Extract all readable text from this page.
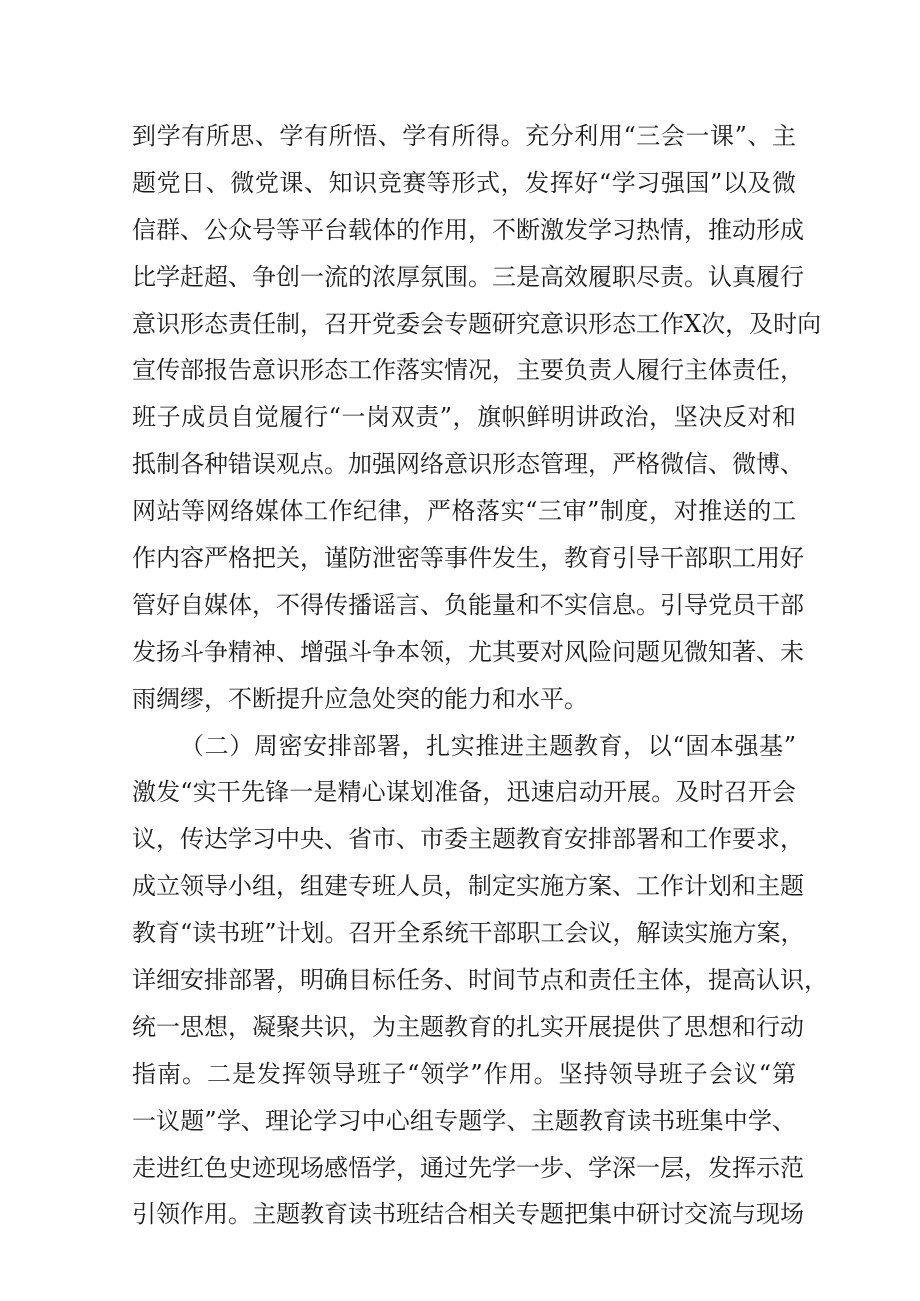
到学有所思、学有所悟、学有所得。充分利用“三会一课”、主
题党日、微党课、知识竞赛等形式，发挥好“学习强国”以及微
信群、公众号等平台载体的作用，不断激发学习热情，推动形成
比学赶超、争创一流的浓厚氛围。三是高效履职尽责。认真履行
意识形态责任制，召开党委会专题研究意识形态工作X次，及时向
宣传部报告意识形态工作落实情况，主要负责人履行主体责任，
班子成员自觉履行“一岗双责”，旗帜鲜明讲政治，坚决反对和
抵制各种错误观点。加强网络意识形态管理，严格微信、微博、
网站等网络媒体工作纪律，严格落实“三审”制度，对推送的工
作内容严格把关，谨防泄密等事件发生，教育引导干部职工用好
管好自媒体，不得传播谣言、负能量和不实信息。引导党员干部
发扬斗争精神、增强斗争本领，尤其要对风险问题见微知著、未
雨绸缪，不断提升应急处突的能力和水平。
（二）周密安排部署，扎实推进主题教育，以“固本强基”
激发“实干先锋一是精心谋划准备，迅速启动开展。及时召开会
议，传达学习中央、省市、市委主题教育安排部署和工作要求，
成立领导小组，组建专班人员，制定实施方案、工作计划和主题
教育“读书班”计划。召开全系统干部职工会议，解读实施方案，
详细安排部署，明确目标任务、时间节点和责任主体，提高认识，
统一思想，凝聚共识，为主题教育的扎实开展提供了思想和行动
指南。二是发挥领导班子“领学”作用。坚持领导班子会议“第
一议题”学、理论学习中心组专题学、主题教育读书班集中学、
走进红色史迹现场感悟学，通过先学一步、学深一层，发挥示范
引领作用。主题教育读书班结合相关专题把集中研讨交流与现场
